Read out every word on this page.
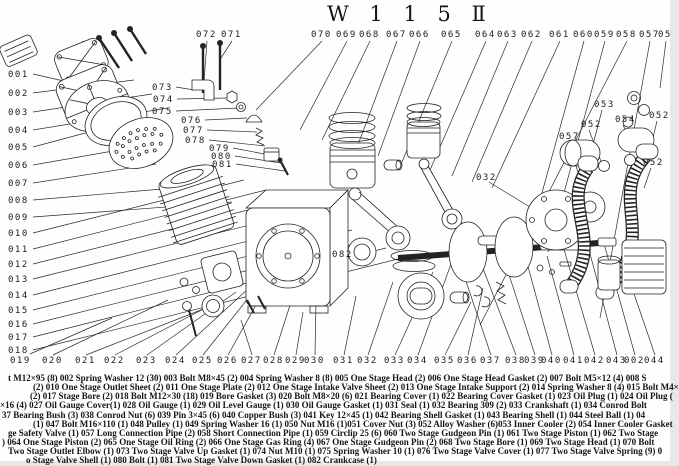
W 1 1 5 Ⅱ
001
002
003
004
005
006
007
008
009
010
011
012
013
014
015
016
017
018
019 020 021 022 023 024 025 026 027 028 029
030 031 032 033 034 035 036 037 038
039
040 041 042 043
002 044
072 071	070 069 068 067 066 065 064 063 062 061 060 059 058 057
05
073
074
075
076
077
078
079
080
081
032
082
053
054
052
057
052
052
t M12×95 (8) 002 Spring Washer 12 (30) 003 Bolt M8×45 (2) 004 Spring Washer 8 (8) 005 One Stage Head (2) 006 One Stage Head Gasket (2) 007 Bolt M5×12 (4) 008 S
(2) 010 One Stage Outlet Sheet (2) 011 One Stage Plate (2) 012 One Stage Intake Valve Sheet (2) 013 One Stage Intake Support (2) 014 Spring Washer 8 (4) 015 Bolt M4×
(2) 017 Stage Bore (2) 018 Bolt M12×30 (18) 019 Bore Gasket (3) 020 Bolt M8×20 (6) 021 Bearing Cover (1) 022 Bearing Cover Gasket (1) 023 Oil Plug (1) 024 Oil Plug (
×16 (4) 027 Oil Gauge Cover(1) 028 Oil Gauge (1) 029 Oil Level Gauge (1) 030 Oil Gauge Gasket (1) 031 Seal (1) 032 Bearing 309 (2) 033 Crankshaft (1) 034 Conrod Bolt
37 Bearing Bush (3) 038 Conrod Nut (6) 039 Pin 3×45 (6) 040 Copper Bush (3) 041 Key 12×45 (1) 042 Bearing Shell Gasket (1) 043 Bearing Shell (1) 044 Steel Ball (1) 04
(1) 047 Bolt M16×110 (1) 048 Pulley (1) 049 Spring Washer 16 (1) 050 Nut M16 (1)051 Cover Nut (3) 052 Alloy Washer (6)053 Inner Cooler (2) 054 Inner Cooler Gasket
ge Safety Valve (1) 057 Long Connection Pipe (2) 058 Short Connection Pipe (1) 059 Circlip 25 (6) 060 Two Stage Gudgeon Pin (1) 061 Two Stage Piston (1) 062 Two Stage
) 064 One Stage Piston (2) 065 One Stage Oil Ring (2) 066 One Stage Gas Ring (4) 067 One Stage Gudgeon Pin (2) 068 Two Stage Bore (1) 069 Two Stage Head (1) 070 Bolt
Two Stage Outlet Elbow (1) 073 Two Stage Valve Up Gasket (1) 074 Nut M10 (1) 075 Spring Washer 10 (1) 076 Two Stage Valve Cover (1) 077 Two Stage Valve Spring (9) 0
o Stage Valve Shell (1) 080 Bolt (1) 081 Two Stage Valve Down Gasket (1) 082 Crankcase (1)
